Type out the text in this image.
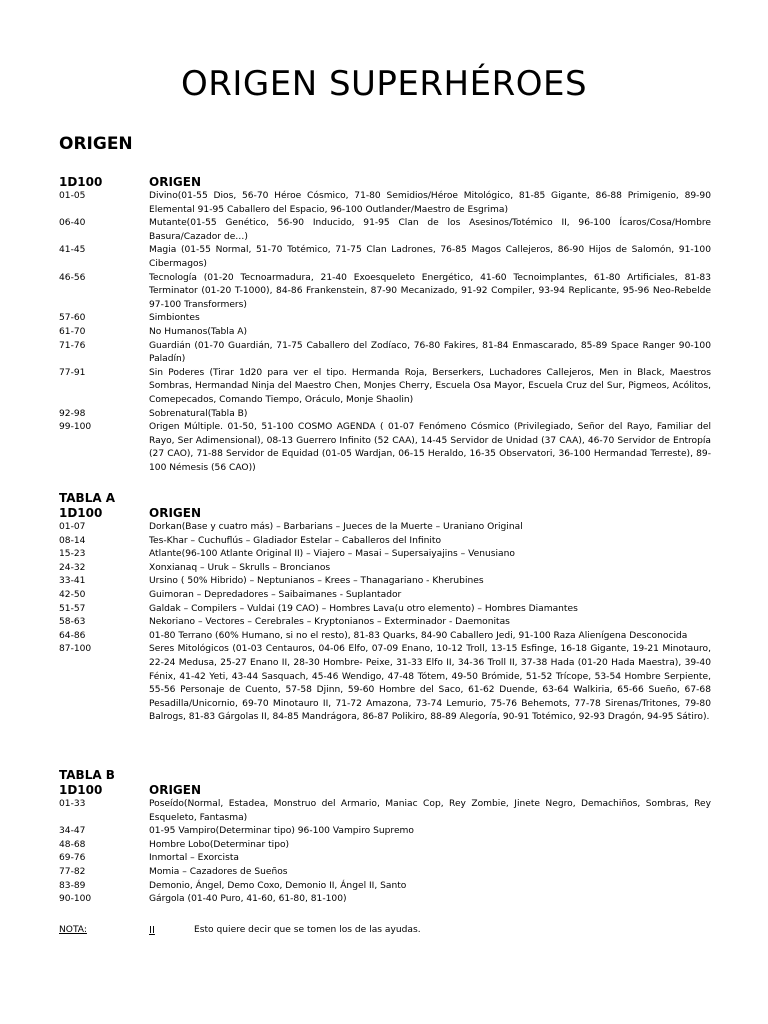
ORIGEN SUPERHÉROES
ORIGEN
1D100	ORIGEN
01-05	Divino(01-55 Dios, 56-70 Héroe Cósmico, 71-80 Semidios/Héroe Mitológico, 81-85 Gigante, 86-88 Primigenio, 89-90 Elemental 91-95 Caballero del Espacio, 96-100 Outlander/Maestro de Esgrima)
06-40	Mutante(01-55 Genético, 56-90 Inducido, 91-95 Clan de los Asesinos/Totémico II, 96-100 Ícaros/Cosa/Hombre Basura/Cazador de…)
41-45	Magia (01-55 Normal, 51-70 Totémico, 71-75 Clan Ladrones, 76-85 Magos Callejeros, 86-90 Hijos de Salomón, 91-100 Cibermagos)
46-56	Tecnología (01-20 Tecnoarmadura, 21-40 Exoesqueleto Energético, 41-60 Tecnoimplantes, 61-80 Artificiales, 81-83 Terminator (01-20 T-1000), 84-86 Frankenstein, 87-90 Mecanizado, 91-92 Compiler, 93-94 Replicante, 95-96 Neo-Rebelde 97-100 Transformers)
57-60	Simbiontes
61-70	No Humanos(Tabla A)
71-76	Guardián (01-70 Guardián, 71-75 Caballero del Zodíaco, 76-80 Fakires, 81-84 Enmascarado, 85-89 Space Ranger 90-100 Paladín)
77-91	Sin Poderes (Tirar 1d20 para ver el tipo. Hermanda Roja, Berserkers, Luchadores Callejeros, Men in Black, Maestros Sombras, Hermandad Ninja del Maestro Chen, Monjes Cherry, Escuela Osa Mayor, Escuela Cruz del Sur, Pigmeos, Acólitos, Comepecados, Comando Tiempo, Oráculo, Monje Shaolin)
92-98	Sobrenatural(Tabla B)
99-100	Origen Múltiple. 01-50, 51-100 COSMO AGENDA ( 01-07 Fenómeno Cósmico (Privilegiado, Señor del Rayo, Familiar del Rayo, Ser Adimensional), 08-13 Guerrero Infinito (52 CAA), 14-45 Servidor de Unidad (37 CAA), 46-70 Servidor de Entropía (27 CAO), 71-88 Servidor de Equidad (01-05 Wardjan, 06-15 Heraldo, 16-35 Observatori, 36-100 Hermandad Terreste), 89-100 Némesis (56 CAO))
TABLA A
1D100	ORIGEN
01-07	Dorkan(Base y cuatro más) – Barbarians – Jueces de la Muerte – Uraniano Original
08-14	Tes-Khar – Cuchuflús – Gladiador Estelar – Caballeros del Infinito
15-23	Atlante(96-100 Atlante Original II) – Viajero – Masai – Supersaiyajins – Venusiano
24-32	Xonxianaq – Uruk – Skrulls – Broncianos
33-41	Ursino ( 50% Hibrido) – Neptunianos – Krees – Thanagariano - Kherubines
42-50	Guimoran – Depredadores – Saibaimanes - Suplantador
51-57	Galdak – Compilers – Vuldai (19 CAO) – Hombres Lava(u otro elemento) – Hombres Diamantes
58-63	Nekoriano – Vectores – Cerebrales – Kryptonianos – Exterminador - Daemonitas
64-86	01-80 Terrano (60% Humano, si no el resto), 81-83 Quarks, 84-90 Caballero Jedi, 91-100 Raza Alienígena Desconocida
87-100	Seres Mitológicos (01-03 Centauros, 04-06 Elfo, 07-09 Enano, 10-12 Troll, 13-15 Esfinge, 16-18 Gigante, 19-21 Minotauro, 22-24 Medusa, 25-27 Enano II, 28-30 Hombre- Peixe, 31-33 Elfo II, 34-36 Troll II, 37-38 Hada (01-20 Hada Maestra), 39-40 Fénix, 41-42 Yeti, 43-44 Sasquach, 45-46 Wendigo, 47-48 Tótem, 49-50 Brómide, 51-52 Trícope, 53-54 Hombre Serpiente, 55-56 Personaje de Cuento, 57-58 Djinn, 59-60 Hombre del Saco, 61-62 Duende, 63-64 Walkiria, 65-66 Sueño, 67-68 Pesadilla/Unicornio, 69-70 Minotauro II, 71-72 Amazona, 73-74 Lemurio, 75-76 Behemots, 77-78 Sirenas/Tritones, 79-80 Balrogs, 81-83 Gárgolas II, 84-85 Mandrágora, 86-87 Polikiro, 88-89 Alegoría, 90-91 Totémico, 92-93 Dragón, 94-95 Sátiro).
TABLA B
1D100	ORIGEN
01-33	Poseído(Normal, Estadea, Monstruo del Armario, Maniac Cop, Rey Zombie, Jinete Negro, Demachiños, Sombras, Rey Esqueleto, Fantasma)
34-47	01-95 Vampiro(Determinar tipo) 96-100 Vampiro Supremo
48-68	Hombre Lobo(Determinar tipo)
69-76	Inmortal – Exorcista
77-82	Momia – Cazadores de Sueños
83-89	Demonio, Ángel, Demo Coxo, Demonio II, Ángel II, Santo
90-100	Gárgola (01-40 Puro, 41-60, 61-80, 81-100)
NOTA:	II	Esto quiere decir que se tomen los de las ayudas.
